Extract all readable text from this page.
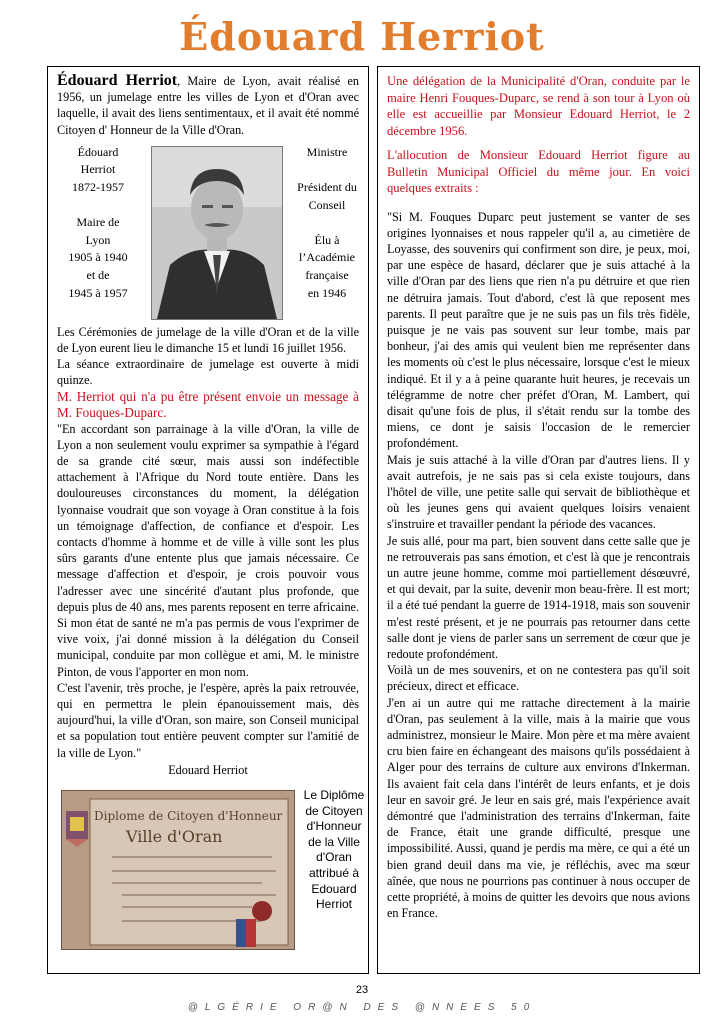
Édouard Herriot

Édouard Herriot, Maire de Lyon, avait réalisé en 1956, un jumelage entre les villes de Lyon et d'Oran avec laquelle, il avait des liens sentimentaux, et il avait été nommé Citoyen d' Honneur de la Ville d'Oran.

Édouard

Herriot

1872-1957

Maire de

Lyon

1905 à 1940

et de

1945 à 1957

Ministre

Président du

Conseil

Élu à

l’Académie

française

en 1946

Les Cérémonies de jumelage de la ville d'Oran et de la ville de Lyon eurent lieu le dimanche 15 et lundi 16 juillet 1956.

La séance extraordinaire de jumelage est ouverte à midi quinze.

M. Herriot qui n'a pu être présent envoie un message à M. Fouques-Duparc.

"En accordant son parrainage à la ville d'Oran, la ville de Lyon a non seulement voulu exprimer sa sympathie à l'égard de sa grande cité sœur, mais aussi son indéfectible attachement à l'Afrique du Nord toute entière. Dans les douloureuses circonstances du moment, la délégation lyonnaise voudrait que son voyage à Oran constitue à la fois un témoignage d'affection, de confiance et d'espoir. Les contacts d'homme à homme et de ville à ville sont les plus sûrs garants d'une entente plus que jamais nécessaire. Ce message d'affection et d'espoir, je crois pouvoir vous l'adresser avec une sincérité d'autant plus profonde, que depuis plus de 40 ans, mes parents reposent en terre africaine. Si mon état de santé ne m'a pas permis de vous l'exprimer de vive voix, j'ai donné mission à la délégation du Conseil municipal, conduite par mon collègue et ami, M. le ministre Pinton, de vous l'apporter en mon nom.

C'est l'avenir, très proche, je l'espère, après la paix retrouvée, qui en permettra le plein épanouissement mais, dès aujourd'hui, la ville d'Oran, son maire, son Conseil municipal et sa population tout entière peuvent compter sur l'amitié de la ville de Lyon."

Edouard Herriot

Diplome de Citoyen d'Honneur
Ville d'Oran
Le Diplôme de Citoyen d'Honneur de la Ville d'Oran attribué à Edouard Herriot

Une délégation de la Municipalité d'Oran, conduite par le maire Henri Fouques-Duparc, se rend à son tour à Lyon où elle est accueillie par Monsieur Edouard Herriot, le 2 décembre 1956.

L'allocution de Monsieur Edouard Herriot figure au Bulletin Municipal Officiel du même jour. En voici quelques extraits :

"Si M. Fouques Duparc peut justement se vanter de ses origines lyonnaises et nous rappeler qu'il a, au cimetière de Loyasse, des souvenirs qui confirment son dire, je peux, moi, par une espèce de hasard, déclarer que je suis attaché à la ville d'Oran par des liens que rien n'a pu détruire et que rien ne détruira jamais. Tout d'abord, c'est là que reposent mes parents. Il peut paraître que je ne suis pas un fils très fidèle, puisque je ne vais pas souvent sur leur tombe, mais par bonheur, j'ai des amis qui veulent bien me représenter dans les moments où c'est le plus nécessaire, lorsque c'est le mieux indiqué. Et il y a à peine quarante huit heures, je recevais un télégramme de notre cher préfet d'Oran, M. Lambert, qui disait qu'une fois de plus, il s'était rendu sur la tombe des miens, ce dont je saisis l'occasion de le remercier profondément.

Mais je suis attaché à la ville d'Oran par d'autres liens. Il y avait autrefois, je ne sais pas si cela existe toujours, dans l'hôtel de ville, une petite salle qui servait de bibliothèque et où les jeunes gens qui avaient quelques loisirs venaient s'instruire et travailler pendant la période des vacances.

Je suis allé, pour ma part, bien souvent dans cette salle que je ne retrouverais pas sans émotion, et c'est là que je rencontrais un autre jeune homme, comme moi partiellement désœuvré, et qui devait, par la suite, devenir mon beau-frère. Il est mort; il a été tué pendant la guerre de 1914-1918, mais son souvenir m'est resté présent, et je ne pourrais pas retourner dans cette salle dont je viens de parler sans un serrement de cœur que je redoute profondément.

Voilà un de mes souvenirs, et on ne contestera pas qu'il soit précieux, direct et efficace.

J'en ai un autre qui me rattache directement à la mairie d'Oran, pas seulement à la ville, mais à la mairie que vous administrez, monsieur le Maire. Mon père et ma mère avaient cru bien faire en échangeant des maisons qu'ils possédaient à Alger pour des terrains de culture aux environs d'Inkerman. Ils avaient fait cela dans l'intérêt de leurs enfants, et je dois leur en savoir gré. Je leur en sais gré, mais l'expérience avait démontré que l'administration des terrains d'Inkerman, faite de France, était une grande difficulté, presque une impossibilité. Aussi, quand je perdis ma mère, ce qui a été un bien grand deuil dans ma vie, je réfléchis, avec ma sœur aînée, que nous ne pourrions pas continuer à nous occuper de cette propriété, à moins de quitter les devoirs que nous avions en France.

23
@LGÉRIE OR@N DES @NNEES 50
